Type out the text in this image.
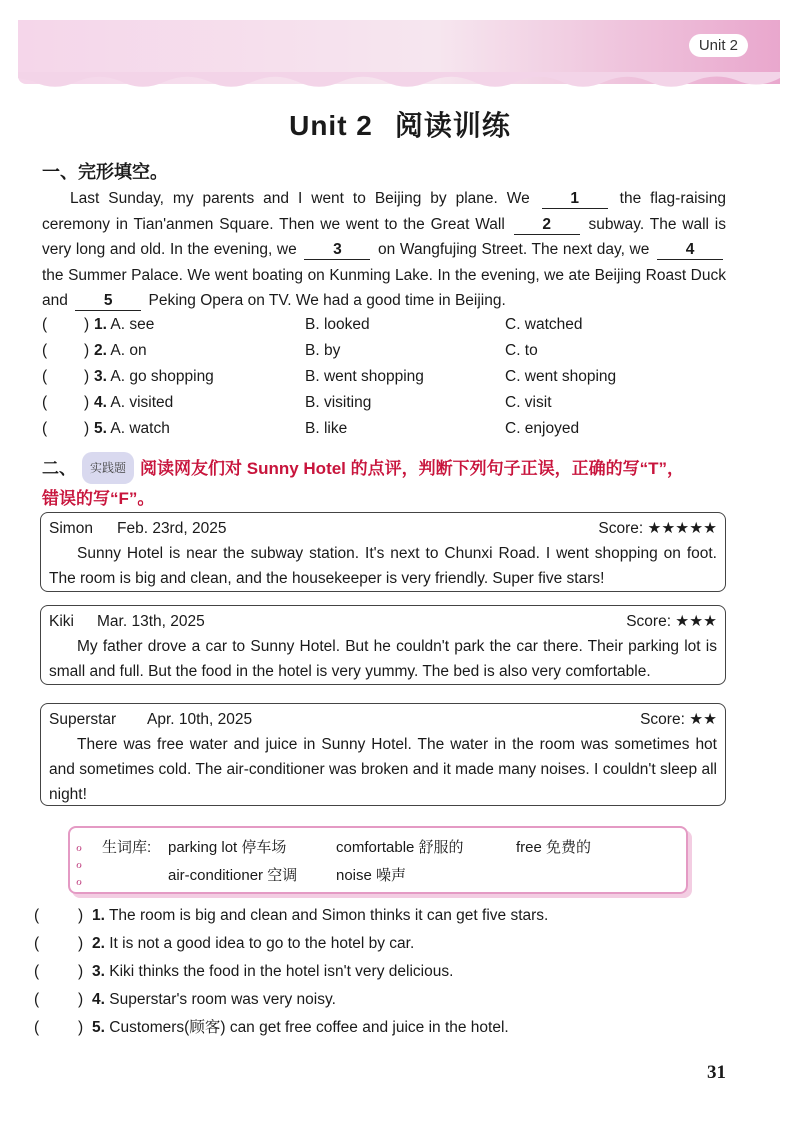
Unit 2
Unit 2 阅读训练
一、完形填空。
Last Sunday, my parents and I went to Beijing by plane. We	1	the flag-raising ceremony in Tian'anmen Square. Then we went to the Great Wall 2 subway. The wall is very long and old. In the evening, we 3 on Wangfujing Street. The next day, we 4 the Summer Palace. We went boating on Kunming Lake. In the evening, we ate Beijing Roast Duck and 5 Peking Opera on TV. We had a good time in Beijing.
( ) 1. A. see	B. looked	C. watched
( ) 2. A. on	B. by	C. to
( ) 3. A. go shopping	B. went shopping	C. went shoping
( ) 4. A. visited	B. visiting	C. visit
( ) 5. A. watch	B. like	C. enjoyed
二、 实践题 阅读网友们对 Sunny Hotel 的点评，判断下列句子正误，正确的写“T”，
错误的写“F”。
Simon Feb. 23rd, 2025	Score: ★★★★★
Sunny Hotel is near the subway station. It's next to Chunxi Road. I went shopping on foot. The room is big and clean, and the housekeeper is very friendly. Super five stars!
Kiki Mar. 13th, 2025	Score: ★★★
My father drove a car to Sunny Hotel. But he couldn't park the car there. Their parking lot is small and full. But the food in the hotel is very yummy. The bed is also very comfortable.
Superstar Apr. 10th, 2025	Score: ★★
There was free water and juice in Sunny Hotel. The water in the room was sometimes hot and sometimes cold. The air-conditioner was broken and it made many noises. I couldn't sleep all night!
ℴ
ℴ
ℴ
生词库: parking lot 停车场	comfortable 舒服的	free 免费的
air-conditioner 空调	noise 噪声
(	) 1. The room is big and clean and Simon thinks it can get five stars.
(	) 2. It is not a good idea to go to the hotel by car.
(	) 3. Kiki thinks the food in the hotel isn't very delicious.
(	) 4. Superstar's room was very noisy.
(	) 5. Customers(顾客) can get free coffee and juice in the hotel.
31
